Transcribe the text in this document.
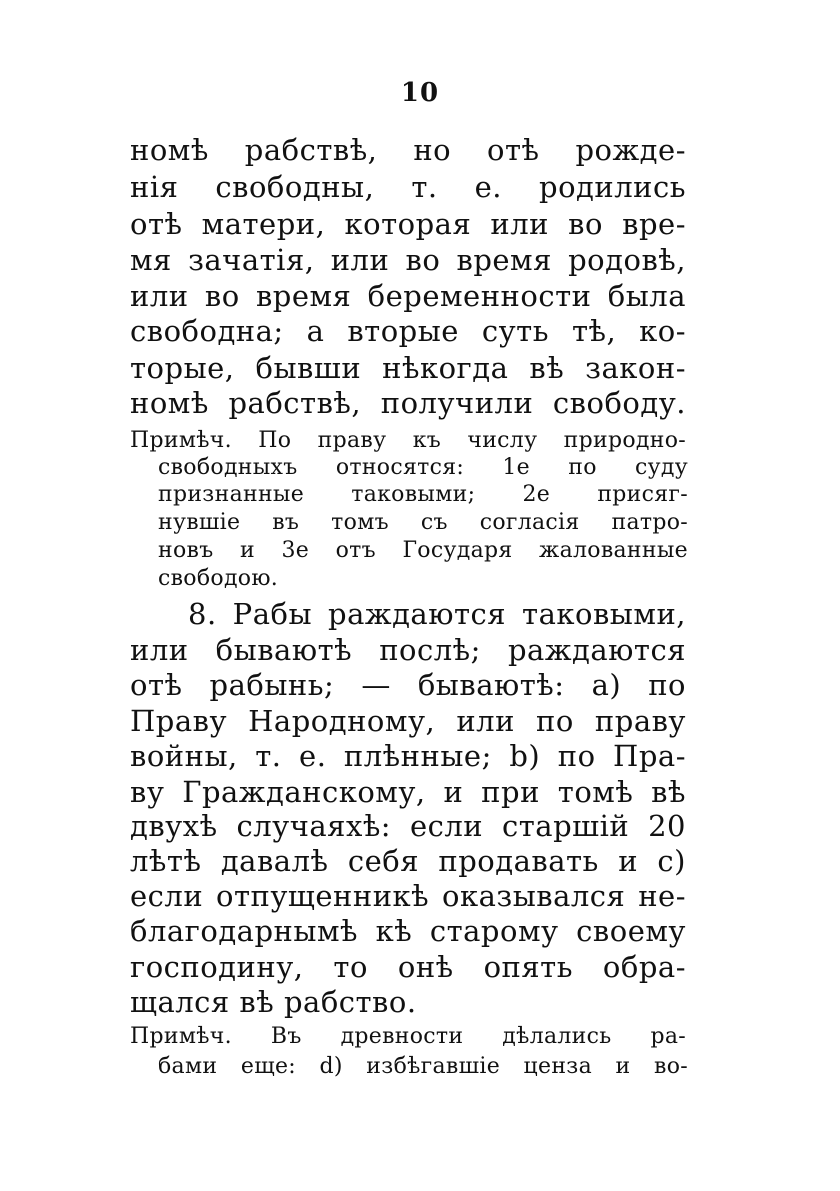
10
номѣ рабствѣ, но отѣ рожде-
нія свободны, т. е. родились
отѣ матери, которая или во вре-
мя зачатія, или во время родовѣ,
или во время беременности была
свободна; а вторые суть тѣ, ко-
торые, бывши нѣкогда вѣ закон-
номѣ рабствѣ, получили свободу.
Примѣч. По праву къ числу природно-
свободныхъ относятся: 1е по суду
признанные таковыми; 2е присяг-
нувшіе въ томъ съ согласія патро-
новъ и 3е отъ Государя жалованные
свободою.
8. Рабы раждаются таковыми,
или бываютѣ послѣ; раждаются
отѣ рабынь; — бываютѣ: a) по
Праву Народному, или по праву
войны, т. е. плѣнные; b) по Пра-
ву Гражданскому, и при томѣ вѣ
двухѣ случаяхѣ: если старшій 20
лѣтѣ давалѣ себя продавать и c)
если отпущенникѣ оказывался не-
благодарнымѣ кѣ старому своему
господину, то онѣ опять обра-
щался вѣ рабство.
Примѣч. Въ древности дѣлались ра-
бами еще: d) избѣгавшіе ценза и во-
